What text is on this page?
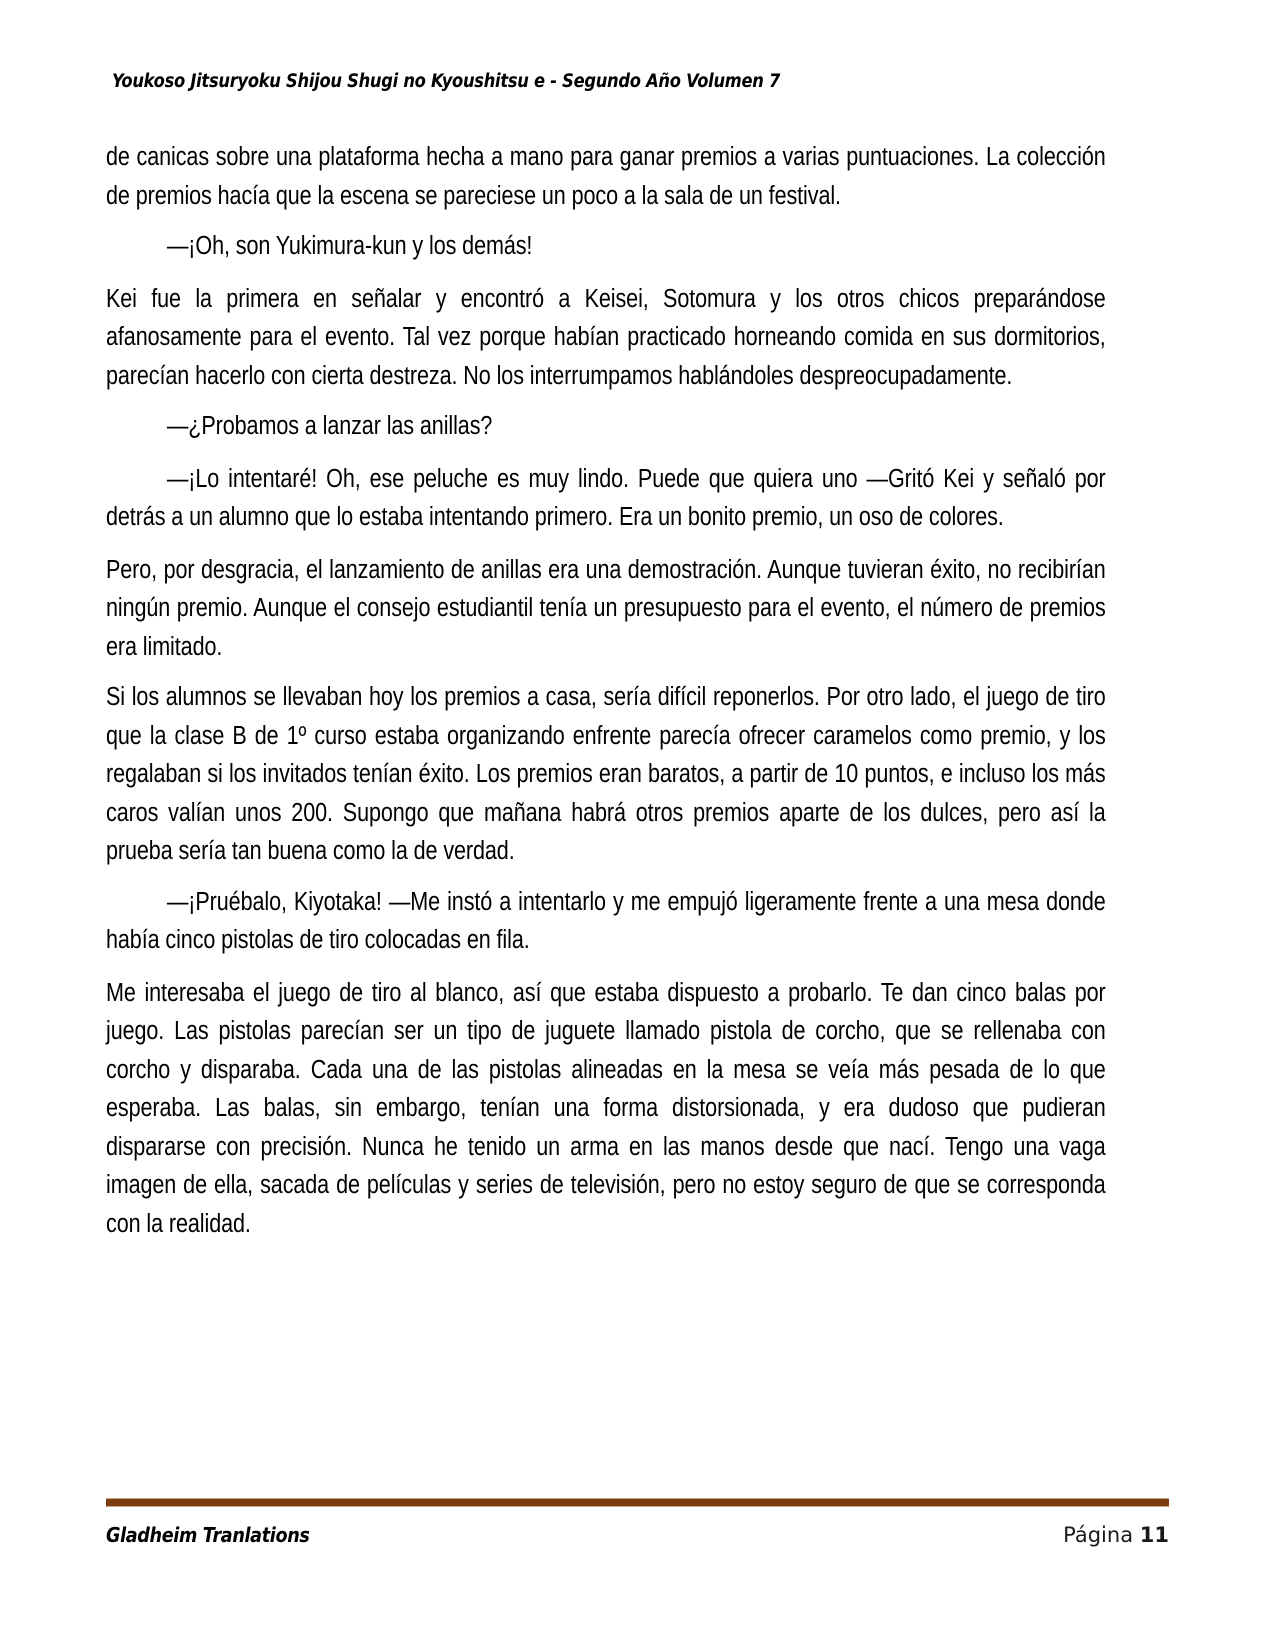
Youkoso Jitsuryoku Shijou Shugi no Kyoushitsu e - Segundo Año Volumen 7

de canicas sobre una plataforma hecha a mano para ganar premios a varias puntuaciones. La colección de premios hacía que la escena se pareciese un poco a la sala de un festival.

—¡Oh, son Yukimura-kun y los demás!

Kei fue la primera en señalar y encontró a Keisei, Sotomura y los otros chicos preparándose afanosamente para el evento. Tal vez porque habían practicado horneando comida en sus dormitorios, parecían hacerlo con cierta destreza. No los interrumpamos hablándoles despreocupadamente.

—¿Probamos a lanzar las anillas?

—¡Lo intentaré! Oh, ese peluche es muy lindo. Puede que quiera uno —Gritó Kei y señaló por detrás a un alumno que lo estaba intentando primero. Era un bonito premio, un oso de colores.

Pero, por desgracia, el lanzamiento de anillas era una demostración. Aunque tuvieran éxito, no recibirían ningún premio. Aunque el consejo estudiantil tenía un presupuesto para el evento, el número de premios era limitado.

Si los alumnos se llevaban hoy los premios a casa, sería difícil reponerlos. Por otro lado, el juego de tiro que la clase B de 1º curso estaba organizando enfrente parecía ofrecer caramelos como premio, y los regalaban si los invitados tenían éxito. Los premios eran baratos, a partir de 10 puntos, e incluso los más caros valían unos 200. Supongo que mañana habrá otros premios aparte de los dulces, pero así la prueba sería tan buena como la de verdad.

—¡Pruébalo, Kiyotaka! —Me instó a intentarlo y me empujó ligeramente frente a una mesa donde había cinco pistolas de tiro colocadas en fila.

Me interesaba el juego de tiro al blanco, así que estaba dispuesto a probarlo. Te dan cinco balas por juego. Las pistolas parecían ser un tipo de juguete llamado pistola de corcho, que se rellenaba con corcho y disparaba. Cada una de las pistolas alineadas en la mesa se veía más pesada de lo que esperaba. Las balas, sin embargo, tenían una forma distorsionada, y era dudoso que pudieran dispararse con precisión. Nunca he tenido un arma en las manos desde que nací. Tengo una vaga imagen de ella, sacada de películas y series de televisión, pero no estoy seguro de que se corresponda con la realidad.

Gladheim Tranlations	Página 11
